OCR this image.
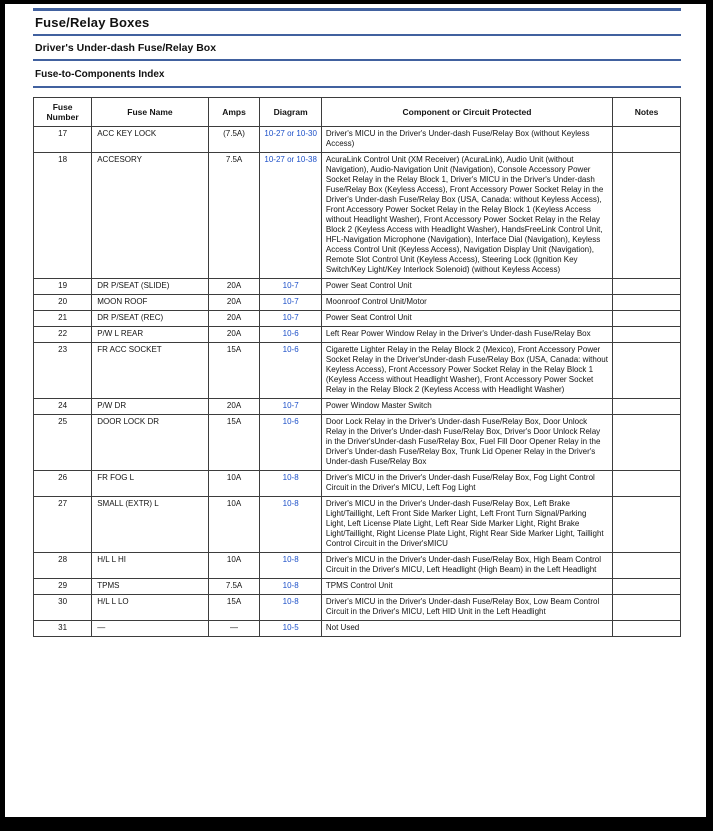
Fuse/Relay Boxes
Driver's Under-dash Fuse/Relay Box
Fuse-to-Components Index
Fuse Number	Fuse Name	Amps	Diagram	Component or Circuit Protected	Notes
17	ACC KEY LOCK	(7.5A)	10-27 or 10-30	Driver's MICU in the Driver's Under-dash Fuse/Relay Box (without Keyless Access)	
18	ACCESORY	7.5A	10-27 or 10-38	AcuraLink Control Unit (XM Receiver) (AcuraLink), Audio Unit (without Navigation), Audio-Navigation Unit (Navigation), Console Accessory Power Socket Relay in the Relay Block 1, Driver's MICU in the Driver's Under-dash Fuse/Relay Box (Keyless Access), Front Accessory Power Socket Relay in the Driver's Under-dash Fuse/Relay Box (USA, Canada: without Keyless Access), Front Accessory Power Socket Relay in the Relay Block 1 (Keyless Access without Headlight Washer), Front Accessory Power Socket Relay in the Relay Block 2 (Keyless Access with Headlight Washer), HandsFreeLink Control Unit, HFL-Navigation Microphone (Navigation), Interface Dial (Navigation), Keyless Access Control Unit (Keyless Access), Navigation Display Unit (Navigation), Remote Slot Control Unit (Keyless Access), Steering Lock (Ignition Key Switch/Key Light/Key Interlock Solenoid) (without Keyless Access)	
19	DR P/SEAT (SLIDE)	20A	10-7	Power Seat Control Unit	
20	MOON ROOF	20A	10-7	Moonroof Control Unit/Motor	
21	DR P/SEAT (REC)	20A	10-7	Power Seat Control Unit	
22	P/W L REAR	20A	10-6	Left Rear Power Window Relay in the Driver's Under-dash Fuse/Relay Box	
23	FR ACC SOCKET	15A	10-6	Cigarette Lighter Relay in the Relay Block 2 (Mexico), Front Accessory Power Socket Relay in the Driver'sUnder-dash Fuse/Relay Box (USA, Canada: without Keyless Access), Front Accessory Power Socket Relay in the Relay Block 1 (Keyless Access without Headlight Washer), Front Accessory Power Socket Relay in the Relay Block 2 (Keyless Access with Headlight Washer)	
24	P/W DR	20A	10-7	Power Window Master Switch	
25	DOOR LOCK DR	15A	10-6	Door Lock Relay in the Driver's Under-dash Fuse/Relay Box, Door Unlock Relay in the Driver's Under-dash Fuse/Relay Box, Driver's Door Unlock Relay in the Driver'sUnder-dash Fuse/Relay Box, Fuel Fill Door Opener Relay in the Driver's Under-dash Fuse/Relay Box, Trunk Lid Opener Relay in the Driver's Under-dash Fuse/Relay Box	
26	FR FOG L	10A	10-8	Driver's MICU in the Driver's Under-dash Fuse/Relay Box, Fog Light Control Circuit in the Driver's MICU, Left Fog Light	
27	SMALL (EXTR) L	10A	10-8	Driver's MICU in the Driver's Under-dash Fuse/Relay Box, Left Brake Light/Taillight, Left Front Side Marker Light, Left Front Turn Signal/Parking Light, Left License Plate Light, Left Rear Side Marker Light, Right Brake Light/Taillight, Right License Plate Light, Right Rear Side Marker Light, Taillight Control Circuit in the Driver'sMICU	
28	H/L L HI	10A	10-8	Driver's MICU in the Driver's Under-dash Fuse/Relay Box, High Beam Control Circuit in the Driver's MICU, Left Headlight (High Beam) in the Left Headlight	
29	TPMS	7.5A	10-8	TPMS Control Unit	
30	H/L L LO	15A	10-8	Driver's MICU in the Driver's Under-dash Fuse/Relay Box, Low Beam Control Circuit in the Driver's MICU, Left HID Unit in the Left Headlight	
31	—	—	10-5	Not Used	
